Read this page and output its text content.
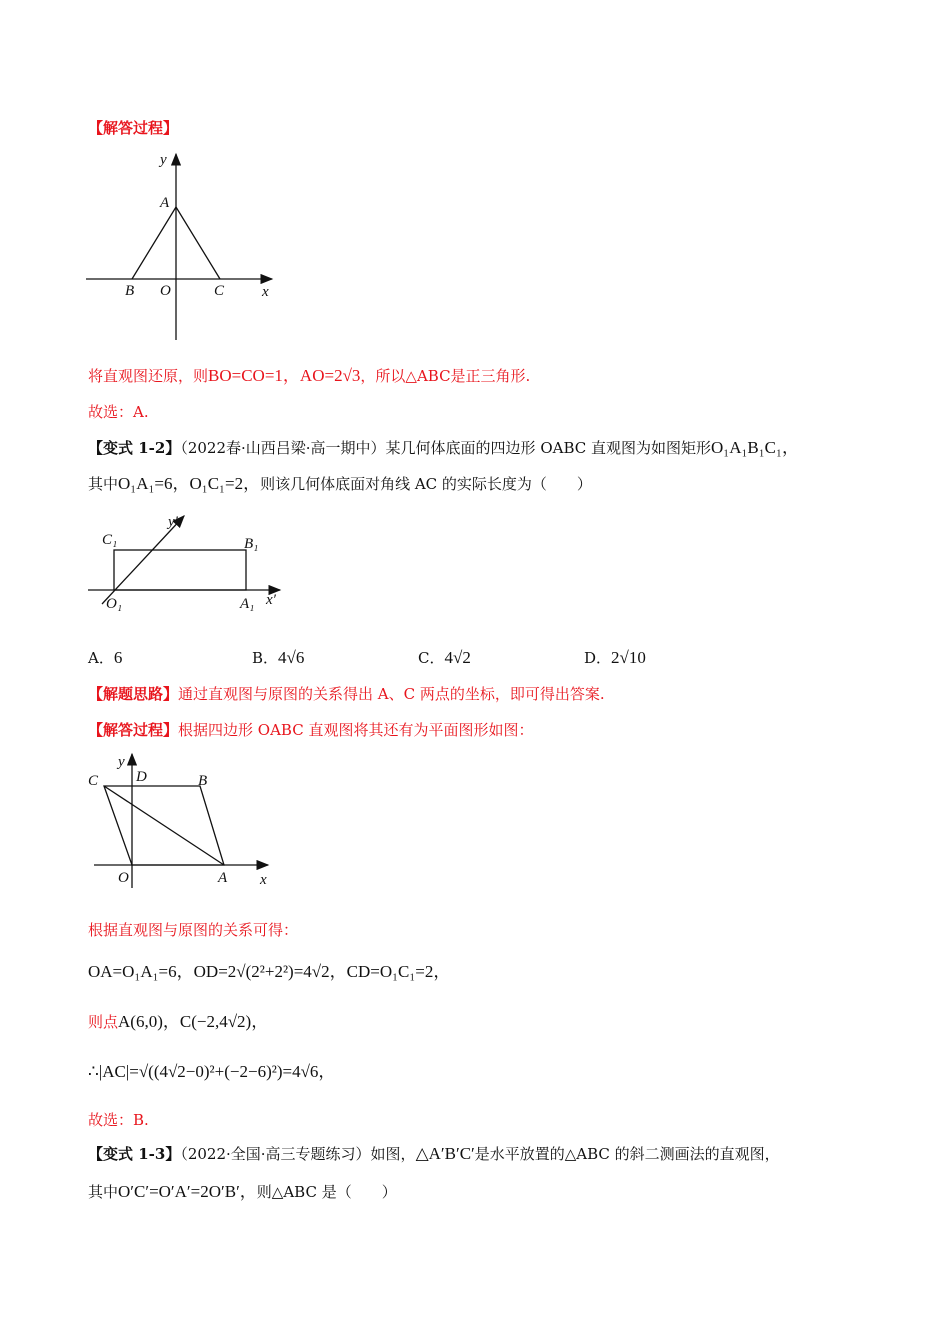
【解答过程】
y
A
B O	C	x
将直观图还原，则BO=CO=1，AO=2√3，所以△ABC是正三角形.
故选：A.
【变式 1-2】（2022春·山西吕梁·高一期中）某几何体底面的四边形 OABC 直观图为如图矩形O₁A₁B₁C₁，
其中O₁A₁=6，O₁C₁=2，则该几何体底面对角线 AC 的实际长度为（　　）
C₁	B₁
y′
O₁	A₁ x′
A．6	B．4√6	C．4√2	D．2√10
【解题思路】通过直观图与原图的关系得出 A、C 两点的坐标，即可得出答案.
【解答过程】根据四边形 OABC 直观图将其还有为平面图形如图：
y
C	D	B
O	A x
根据直观图与原图的关系可得：
OA=O₁A₁=6，OD=2√(2²+2²)=4√2，CD=O₁C₁=2，
则点A(6,0)，C(−2,4√2)，
∴|AC|=√((4√2−0)²+(−2−6)²)=4√6，
故选：B.
【变式 1-3】（2022·全国·高三专题练习）如图，△A′B′C′是水平放置的△ABC 的斜二测画法的直观图，
其中O′C′=O′A′=2O′B′，则△ABC 是（　　）
